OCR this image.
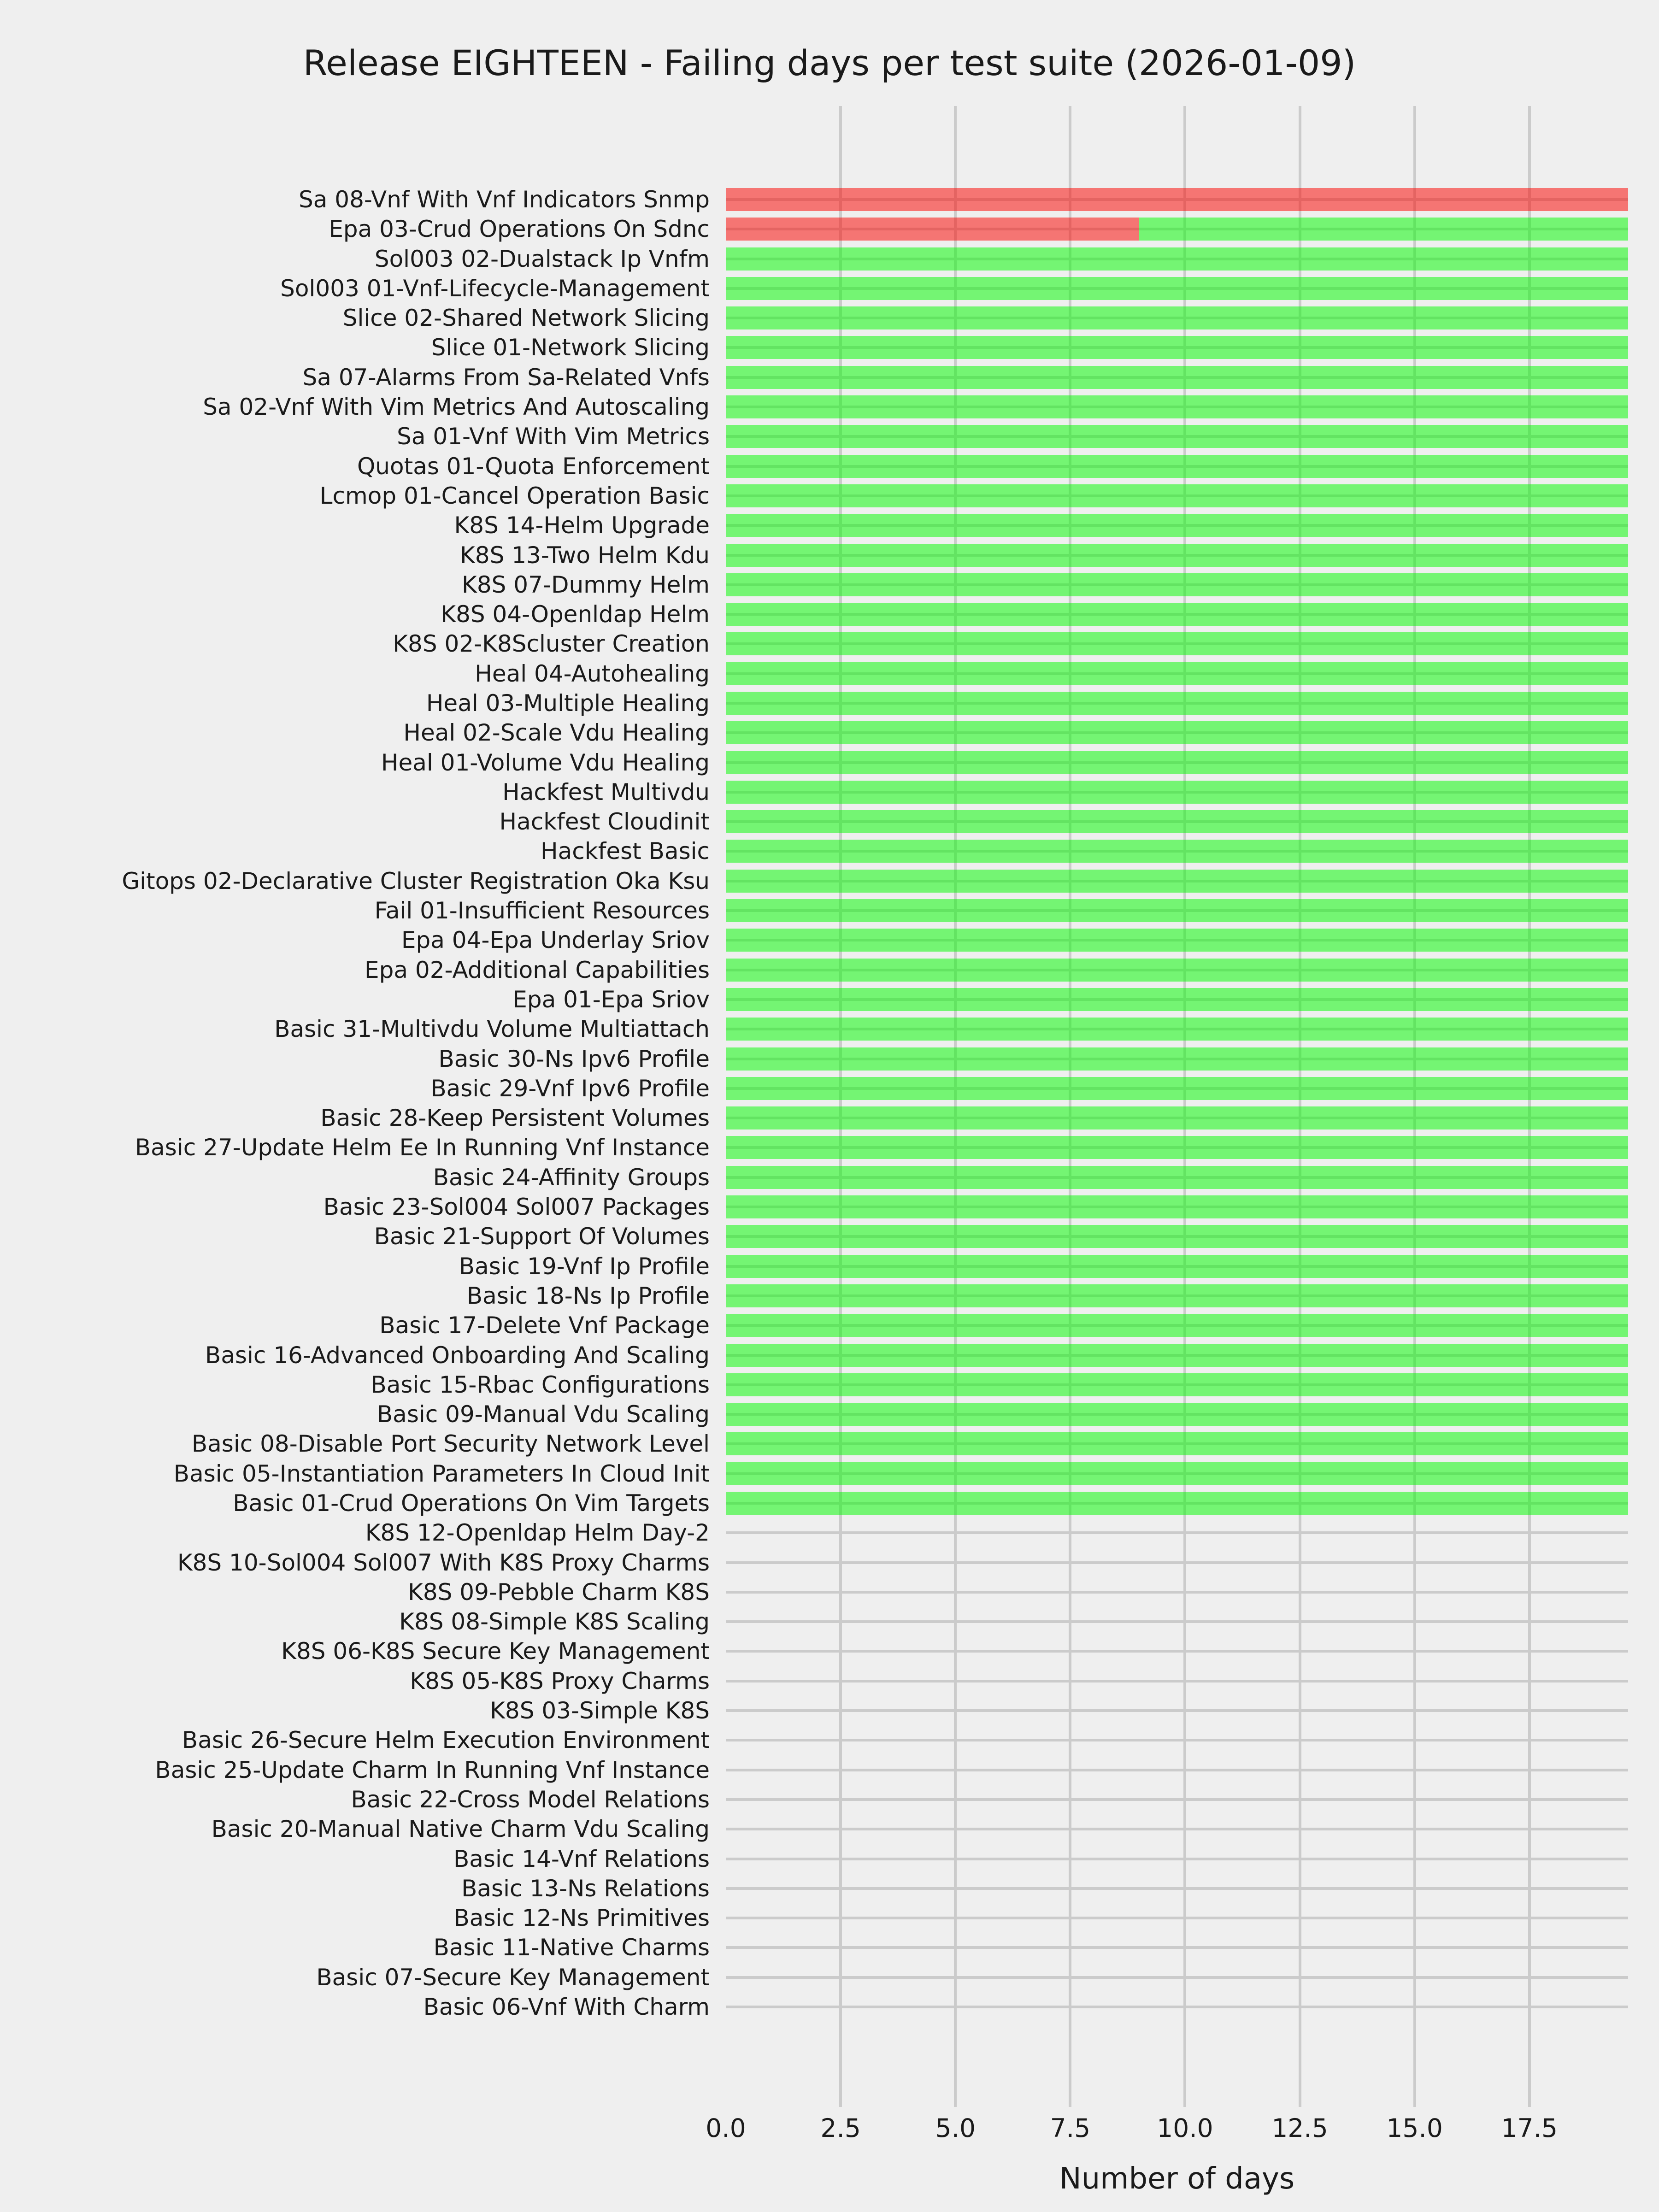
Release EIGHTEEN - Failing days per test suite (2026-01-09)
Sa 08-Vnf With Vnf Indicators Snmp
Epa 03-Crud Operations On Sdnc
Sol003 02-Dualstack Ip Vnfm
Sol003 01-Vnf-Lifecycle-Management
Slice 02-Shared Network Slicing
Slice 01-Network Slicing
Sa 07-Alarms From Sa-Related Vnfs
Sa 02-Vnf With Vim Metrics And Autoscaling
Sa 01-Vnf With Vim Metrics
Quotas 01-Quota Enforcement
Lcmop 01-Cancel Operation Basic
K8S 14-Helm Upgrade
K8S 13-Two Helm Kdu
K8S 07-Dummy Helm
K8S 04-Openldap Helm
K8S 02-K8Scluster Creation
Heal 04-Autohealing
Heal 03-Multiple Healing
Heal 02-Scale Vdu Healing
Heal 01-Volume Vdu Healing
Hackfest Multivdu
Hackfest Cloudinit
Hackfest Basic
Gitops 02-Declarative Cluster Registration Oka Ksu
Fail 01-Insufficient Resources
Epa 04-Epa Underlay Sriov
Epa 02-Additional Capabilities
Epa 01-Epa Sriov
Basic 31-Multivdu Volume Multiattach
Basic 30-Ns Ipv6 Profile
Basic 29-Vnf Ipv6 Profile
Basic 28-Keep Persistent Volumes
Basic 27-Update Helm Ee In Running Vnf Instance
Basic 24-Affinity Groups
Basic 23-Sol004 Sol007 Packages
Basic 21-Support Of Volumes
Basic 19-Vnf Ip Profile
Basic 18-Ns Ip Profile
Basic 17-Delete Vnf Package
Basic 16-Advanced Onboarding And Scaling
Basic 15-Rbac Configurations
Basic 09-Manual Vdu Scaling
Basic 08-Disable Port Security Network Level
Basic 05-Instantiation Parameters In Cloud Init
Basic 01-Crud Operations On Vim Targets
K8S 12-Openldap Helm Day-2
K8S 10-Sol004 Sol007 With K8S Proxy Charms
K8S 09-Pebble Charm K8S
K8S 08-Simple K8S Scaling
K8S 06-K8S Secure Key Management
K8S 05-K8S Proxy Charms
K8S 03-Simple K8S
Basic 26-Secure Helm Execution Environment
Basic 25-Update Charm In Running Vnf Instance
Basic 22-Cross Model Relations
Basic 20-Manual Native Charm Vdu Scaling
Basic 14-Vnf Relations
Basic 13-Ns Relations
Basic 12-Ns Primitives
Basic 11-Native Charms
Basic 07-Secure Key Management
Basic 06-Vnf With Charm
0.0	2.5	5.0	7.5	10.0	12.5	15.0	17.5
Number of days
